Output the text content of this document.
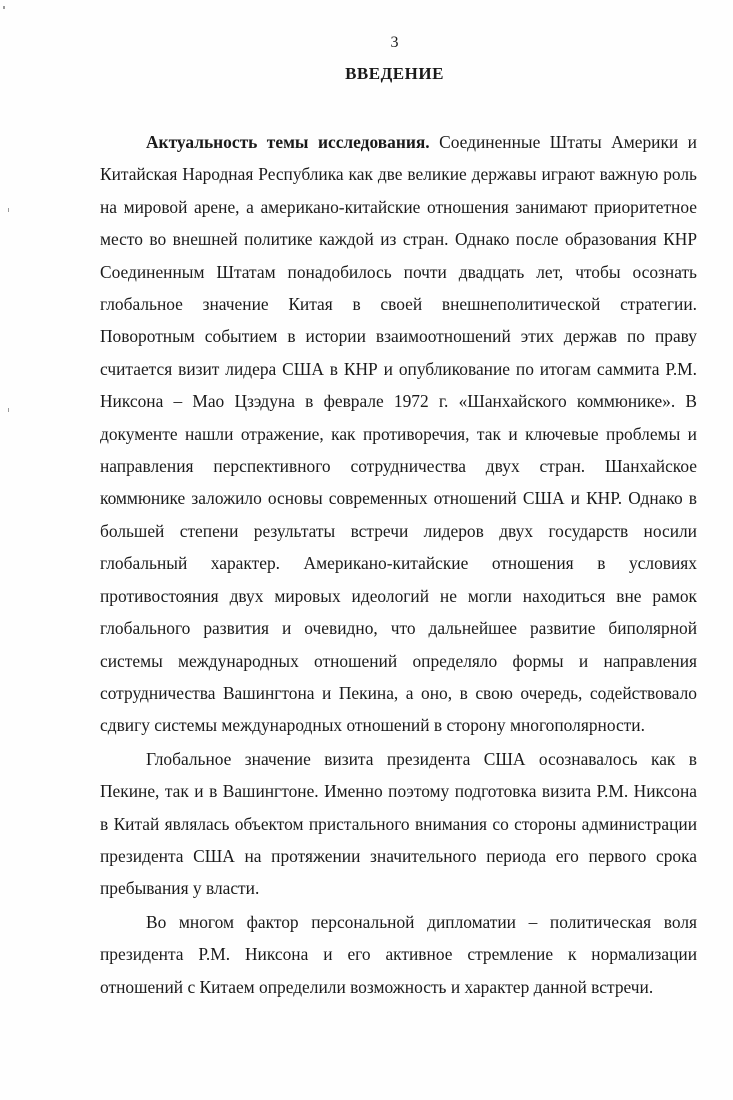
3
ВВЕДЕНИЕ

Актуальность темы исследования. Соединенные Штаты Америки и Китайская Народная Республика как две великие державы играют важную роль на мировой арене, а американо-китайские отношения занимают приоритетное место во внешней политике каждой из стран. Однако после образования КНР Соединенным Штатам понадобилось почти двадцать лет, чтобы осознать глобальное значение Китая в своей внешнеполитической стратегии. Поворотным событием в истории взаимоотношений этих держав по праву считается визит лидера США в КНР и опубликование по итогам саммита Р.М. Никсона – Мао Цзэдуна в феврале 1972 г. «Шанхайского коммюнике». В документе нашли отражение, как противоречия, так и ключевые проблемы и направления перспективного сотрудничества двух стран. Шанхайское коммюнике заложило основы современных отношений США и КНР. Однако в большей степени результаты встречи лидеров двух государств носили глобальный характер. Американо-китайские отношения в условиях противостояния двух мировых идеологий не могли находиться вне рамок глобального развития и очевидно, что дальнейшее развитие биполярной системы международных отношений определяло формы и направления сотрудничества Вашингтона и Пекина, а оно, в свою очередь, содействовало сдвигу системы международных отношений в сторону многополярности.

Глобальное значение визита президента США осознавалось как в Пекине, так и в Вашингтоне. Именно поэтому подготовка визита Р.М. Никсона в Китай являлась объектом пристального внимания со стороны администрации президента США на протяжении значительного периода его первого срока пребывания у власти.

Во многом фактор персональной дипломатии – политическая воля президента Р.М. Никсона и его активное стремление к нормализации отношений с Китаем определили возможность и характер данной встречи.
